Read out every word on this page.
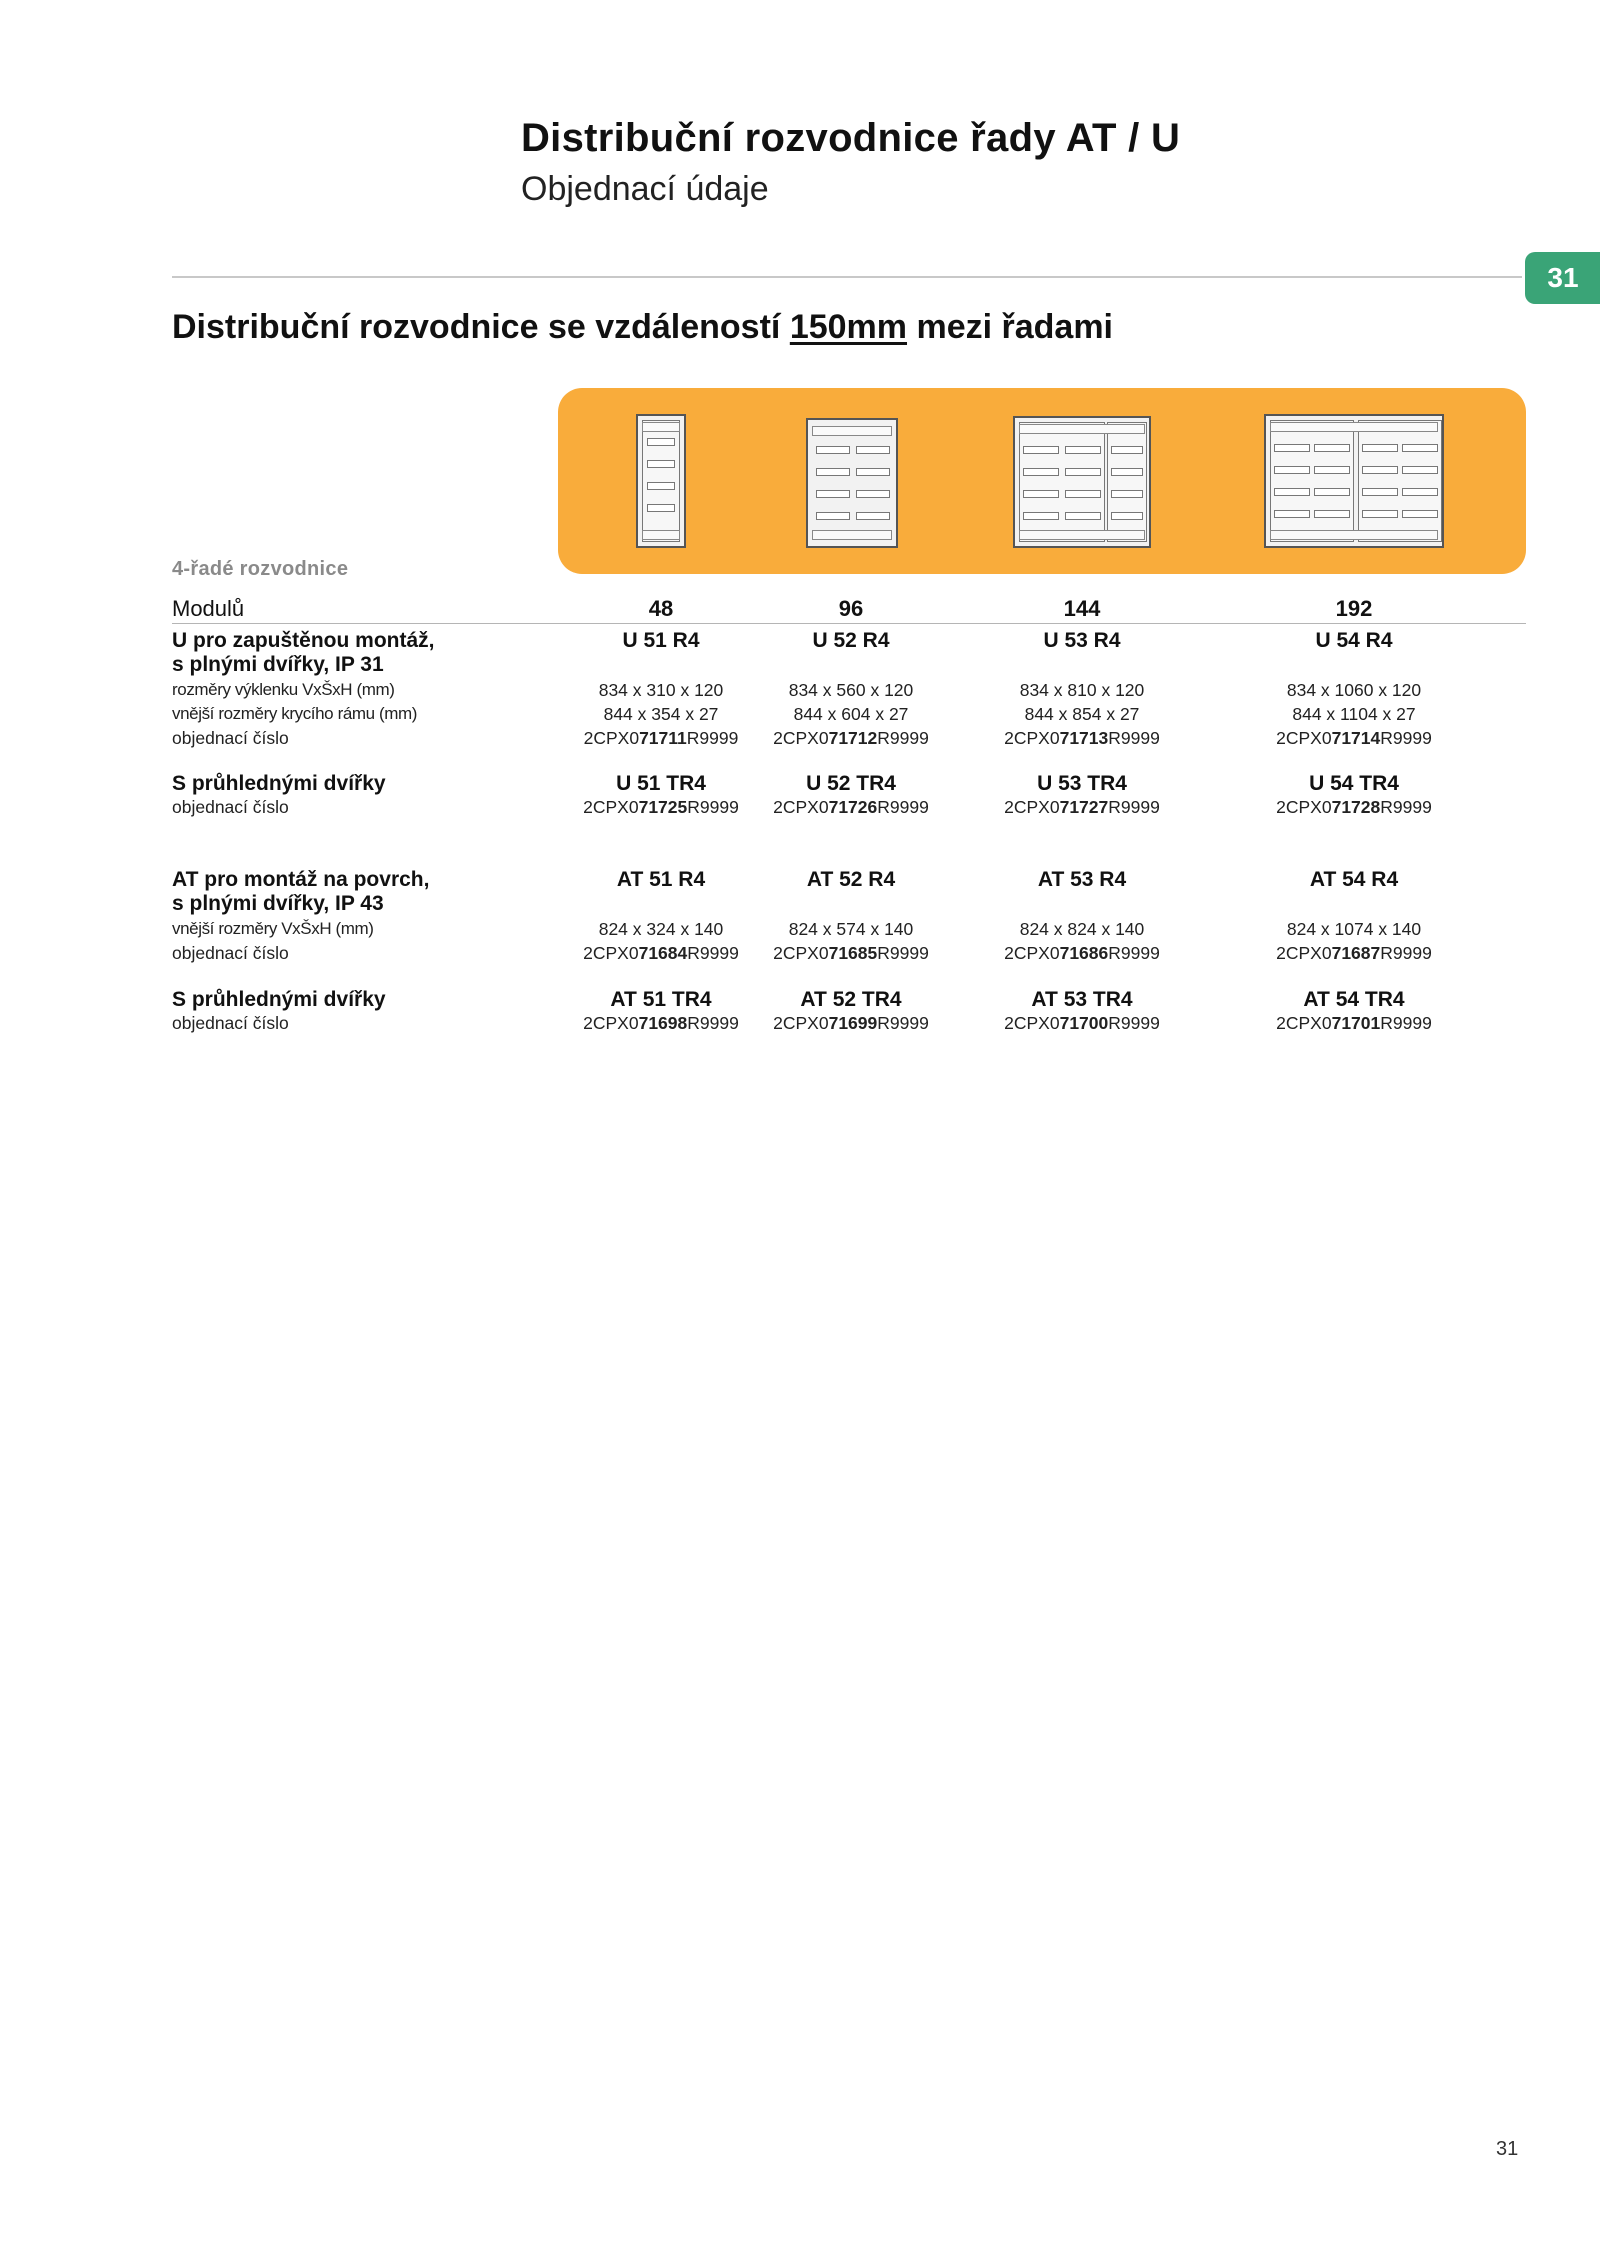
Distribuční rozvodnice řady AT / U
Objednací údaje
31
Distribuční rozvodnice se vzdáleností 150mm mezi řadami
4-řadé rozvodnice
Modulů	48	96	144	192
U pro zapuštěnou montáž,	U 51 R4	U 52 R4	U 53 R4	U 54 R4
s plnými dvířky, IP 31
rozměry výklenku VxŠxH (mm)	834 x 310 x 120	834 x 560 x 120	834 x 810 x 120	834 x 1060 x 120
vnější rozměry krycího rámu (mm)	844 x 354 x 27	844 x 604 x 27	844 x 854 x 27	844 x 1104 x 27
objednací číslo	2CPX071711R9999	2CPX071712R9999	2CPX071713R9999	2CPX071714R9999
S průhlednými dvířky	U 51 TR4	U 52 TR4	U 53 TR4	U 54 TR4
objednací číslo	2CPX071725R9999	2CPX071726R9999	2CPX071727R9999	2CPX071728R9999
AT pro montáž na povrch,	AT 51 R4	AT 52 R4	AT 53 R4	AT 54 R4
s plnými dvířky, IP 43
vnější rozměry VxŠxH (mm)	824 x 324 x 140	824 x 574 x 140	824 x 824 x 140	824 x 1074 x 140
objednací číslo	2CPX071684R9999	2CPX071685R9999	2CPX071686R9999	2CPX071687R9999
S průhlednými dvířky	AT 51 TR4	AT 52 TR4	AT 53 TR4	AT 54 TR4
objednací číslo	2CPX071698R9999	2CPX071699R9999	2CPX071700R9999	2CPX071701R9999
31
